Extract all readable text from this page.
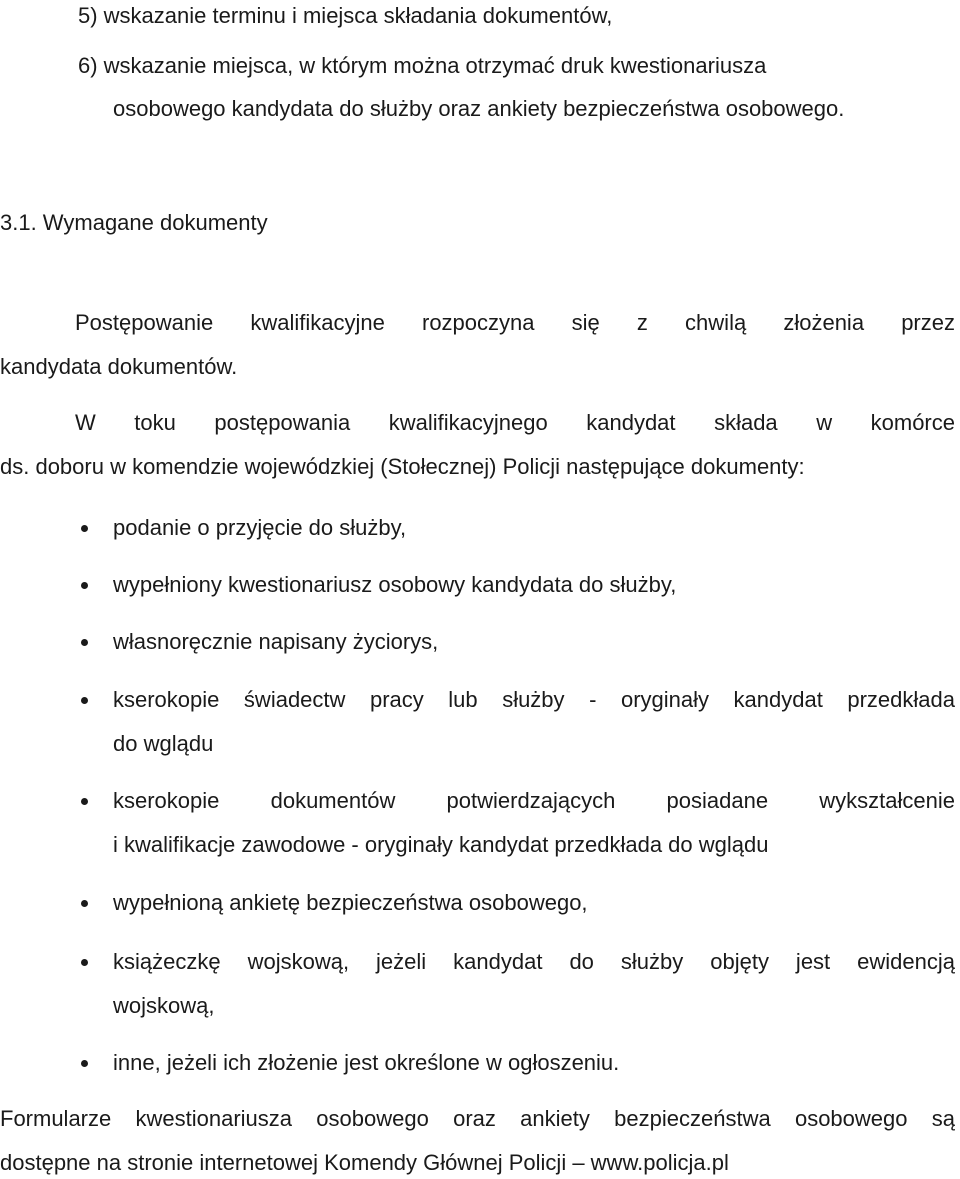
5) wskazanie terminu i miejsca składania dokumentów,
6) wskazanie miejsca, w którym można otrzymać druk kwestionariusza
osobowego kandydata do służby oraz ankiety bezpieczeństwa osobowego.
3.1. Wymagane dokumenty
Postępowanie kwalifikacyjne rozpoczyna się z chwilą złożenia przez
kandydata dokumentów.
W toku postępowania kwalifikacyjnego kandydat składa w komórce
ds. doboru w komendzie wojewódzkiej (Stołecznej) Policji następujące dokumenty:
podanie o przyjęcie do służby,
wypełniony kwestionariusz osobowy kandydata do służby,
własnoręcznie napisany życiorys,
kserokopie świadectw pracy lub służby - oryginały kandydat przedkłada
do wglądu
kserokopie dokumentów potwierdzających posiadane wykształcenie
i kwalifikacje zawodowe - oryginały kandydat przedkłada do wglądu
wypełnioną ankietę bezpieczeństwa osobowego,
książeczkę wojskową, jeżeli kandydat do służby objęty jest ewidencją
wojskową,
inne, jeżeli ich złożenie jest określone w ogłoszeniu.
Formularze kwestionariusza osobowego oraz ankiety bezpieczeństwa osobowego są
dostępne na stronie internetowej Komendy Głównej Policji – www.policja.pl
